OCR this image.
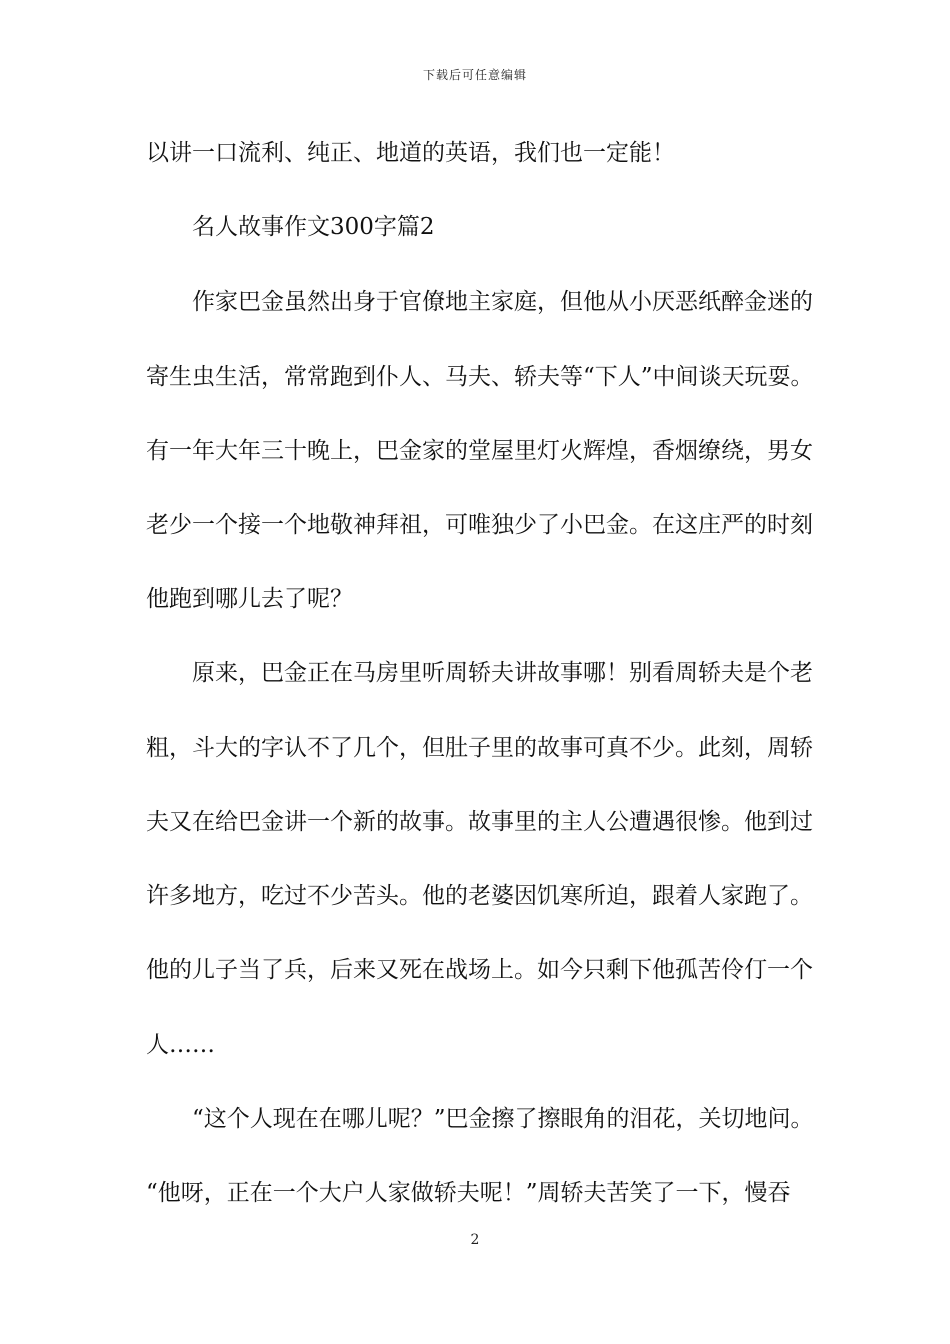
下载后可任意编辑
以讲一口流利、纯正、地道的英语，我们也一定能！
名人故事作文300字篇2
作家巴金虽然出身于官僚地主家庭，但他从小厌恶纸醉金迷的
寄生虫生活，常常跑到仆人、马夫、轿夫等“下人”中间谈天玩耍。
有一年大年三十晚上，巴金家的堂屋里灯火辉煌，香烟缭绕，男女
老少一个接一个地敬神拜祖，可唯独少了小巴金。在这庄严的时刻
他跑到哪儿去了呢？
原来，巴金正在马房里听周轿夫讲故事哪！别看周轿夫是个老
粗，斗大的字认不了几个，但肚子里的故事可真不少。此刻，周轿
夫又在给巴金讲一个新的故事。故事里的主人公遭遇很惨。他到过
许多地方，吃过不少苦头。他的老婆因饥寒所迫，跟着人家跑了。
他的儿子当了兵，后来又死在战场上。如今只剩下他孤苦伶仃一个
人……
“这个人现在在哪儿呢？”巴金擦了擦眼角的泪花，关切地问。
“他呀，正在一个大户人家做轿夫呢！”周轿夫苦笑了一下，慢吞
2
